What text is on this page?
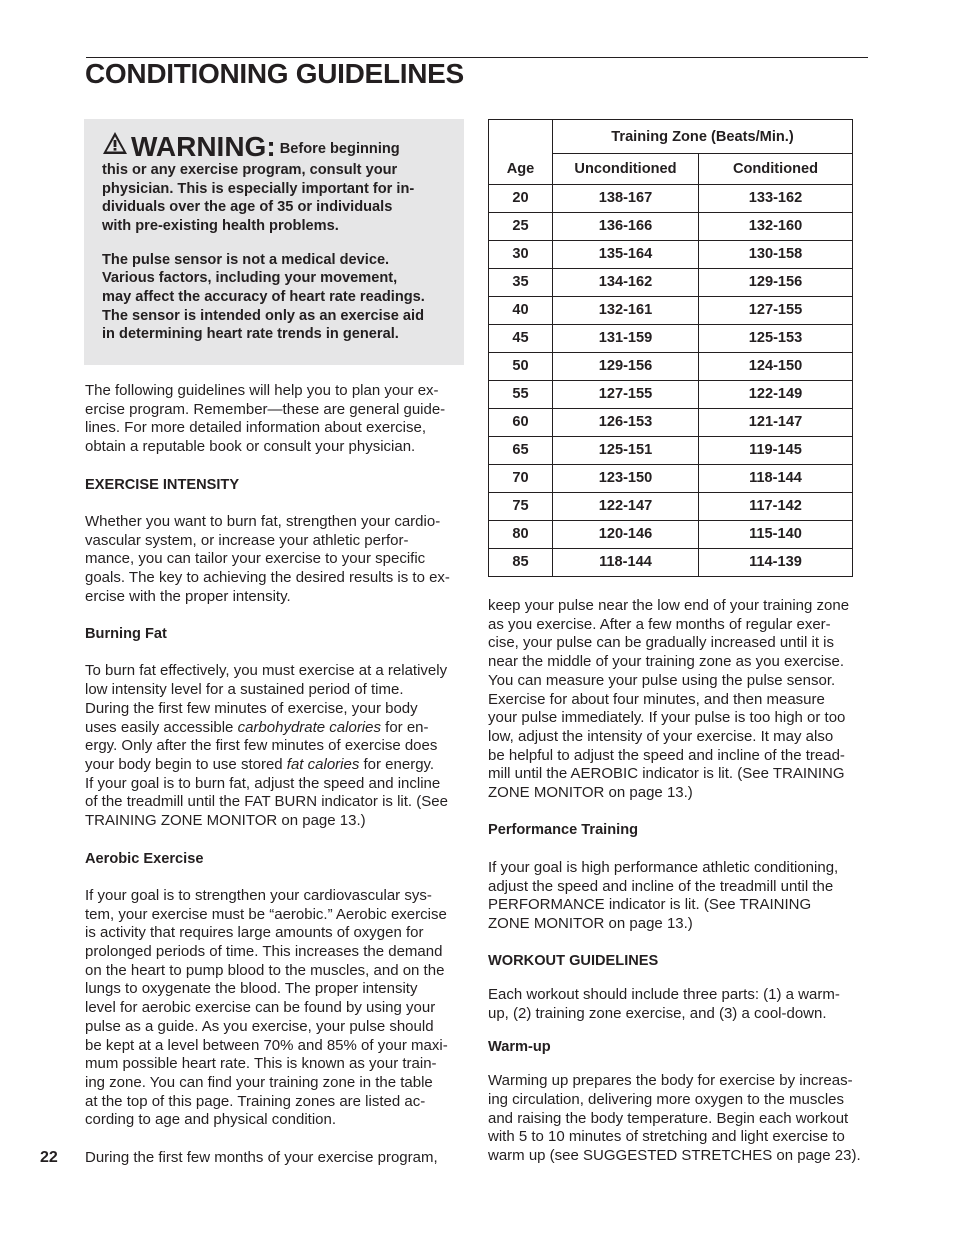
CONDITIONING GUIDELINES

WARNING: Before beginning
this or any exercise program, consult your
physician. This is especially important for in-
dividuals over the age of 35 or individuals
with pre-existing health problems.

The pulse sensor is not a medical device.
Various factors, including your movement,
may affect the accuracy of heart rate readings.
The sensor is intended only as an exercise aid
in determining heart rate trends in general.

The following guidelines will help you to plan your ex-
ercise program. Remember—these are general guide-
lines. For more detailed information about exercise,
obtain a reputable book or consult your physician.

EXERCISE INTENSITY

Whether you want to burn fat, strengthen your cardio-
vascular system, or increase your athletic perfor-
mance, you can tailor your exercise to your specific
goals. The key to achieving the desired results is to ex-
ercise with the proper intensity.

Burning Fat

To burn fat effectively, you must exercise at a relatively
low intensity level for a sustained period of time.
During the first few minutes of exercise, your body
uses easily accessible carbohydrate calories for en-
ergy. Only after the first few minutes of exercise does
your body begin to use stored fat calories for energy.
If your goal is to burn fat, adjust the speed and incline
of the treadmill until the FAT BURN indicator is lit. (See
TRAINING ZONE MONITOR on page 13.)

Aerobic Exercise

If your goal is to strengthen your cardiovascular sys-
tem, your exercise must be “aerobic.” Aerobic exercise
is activity that requires large amounts of oxygen for
prolonged periods of time. This increases the demand
on the heart to pump blood to the muscles, and on the
lungs to oxygenate the blood. The proper intensity
level for aerobic exercise can be found by using your
pulse as a guide. As you exercise, your pulse should
be kept at a level between 70% and 85% of your maxi-
mum possible heart rate. This is known as your train-
ing zone. You can find your training zone in the table
at the top of this page. Training zones are listed ac-
cording to age and physical condition.

During the first few months of your exercise program,

	Training Zone (Beats/Min.)	
Age	Unconditioned	Conditioned
20	138-167	133-162
25	136-166	132-160
30	135-164	130-158
35	134-162	129-156
40	132-161	127-155
45	131-159	125-153
50	129-156	124-150
55	127-155	122-149
60	126-153	121-147
65	125-151	119-145
70	123-150	118-144
75	122-147	117-142
80	120-146	115-140
85	118-144	114-139

keep your pulse near the low end of your training zone
as you exercise. After a few months of regular exer-
cise, your pulse can be gradually increased until it is
near the middle of your training zone as you exercise.
You can measure your pulse using the pulse sensor.
Exercise for about four minutes, and then measure
your pulse immediately. If your pulse is too high or too
low, adjust the intensity of your exercise. It may also
be helpful to adjust the speed and incline of the tread-
mill until the AEROBIC indicator is lit. (See TRAINING
ZONE MONITOR on page 13.)

Performance Training

If your goal is high performance athletic conditioning,
adjust the speed and incline of the treadmill until the
PERFORMANCE indicator is lit. (See TRAINING
ZONE MONITOR on page 13.)

WORKOUT GUIDELINES

Each workout should include three parts: (1) a warm-
up, (2) training zone exercise, and (3) a cool-down.

Warm-up

Warming up prepares the body for exercise by increas-
ing circulation, delivering more oxygen to the muscles
and raising the body temperature. Begin each workout
with 5 to 10 minutes of stretching and light exercise to
warm up (see SUGGESTED STRETCHES on page 23).

22
